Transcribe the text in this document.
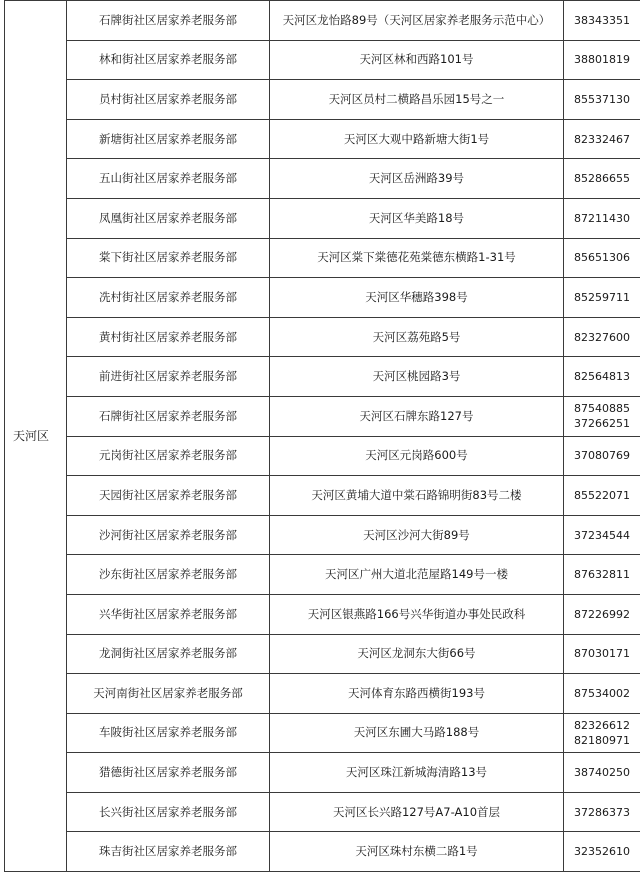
天河区	石牌街社区居家养老服务部	天河区龙怡路89号（天河区居家养老服务示范中心）	38343351

	林和街社区居家养老服务部	天河区林和西路101号	38801819

	员村街社区居家养老服务部	天河区员村二横路昌乐园15号之一	85537130

	新塘街社区居家养老服务部	天河区大观中路新塘大街1号	82332467

	五山街社区居家养老服务部	天河区岳洲路39号	85286655

	凤凰街社区居家养老服务部	天河区华美路18号	87211430

	棠下街社区居家养老服务部	天河区棠下棠德花苑棠德东横路1-31号	85651306

	冼村街社区居家养老服务部	天河区华穗路398号	85259711

	黄村街社区居家养老服务部	天河区荔苑路5号	82327600

	前进街社区居家养老服务部	天河区桃园路3号	82564813

	石牌街社区居家养老服务部	天河区石牌东路127号	87540885
37266251

	元岗街社区居家养老服务部	天河区元岗路600号	37080769

	天园街社区居家养老服务部	天河区黄埔大道中棠石路锦明街83号二楼	85522071

	沙河街社区居家养老服务部	天河区沙河大街89号	37234544

	沙东街社区居家养老服务部	天河区广州大道北范屋路149号一楼	87632811

	兴华街社区居家养老服务部	天河区银燕路166号兴华街道办事处民政科	87226992

	龙洞街社区居家养老服务部	天河区龙洞东大街66号	87030171

	天河南街社区居家养老服务部	天河体育东路西横街193号	87534002

	车陂街社区居家养老服务部	天河区东圃大马路188号	82326612
82180971

	猎德街社区居家养老服务部	天河区珠江新城海清路13号	38740250

	长兴街社区居家养老服务部	天河区长兴路127号A7-A10首层	37286373

	珠吉街社区居家养老服务部	天河区珠村东横二路1号	32352610
